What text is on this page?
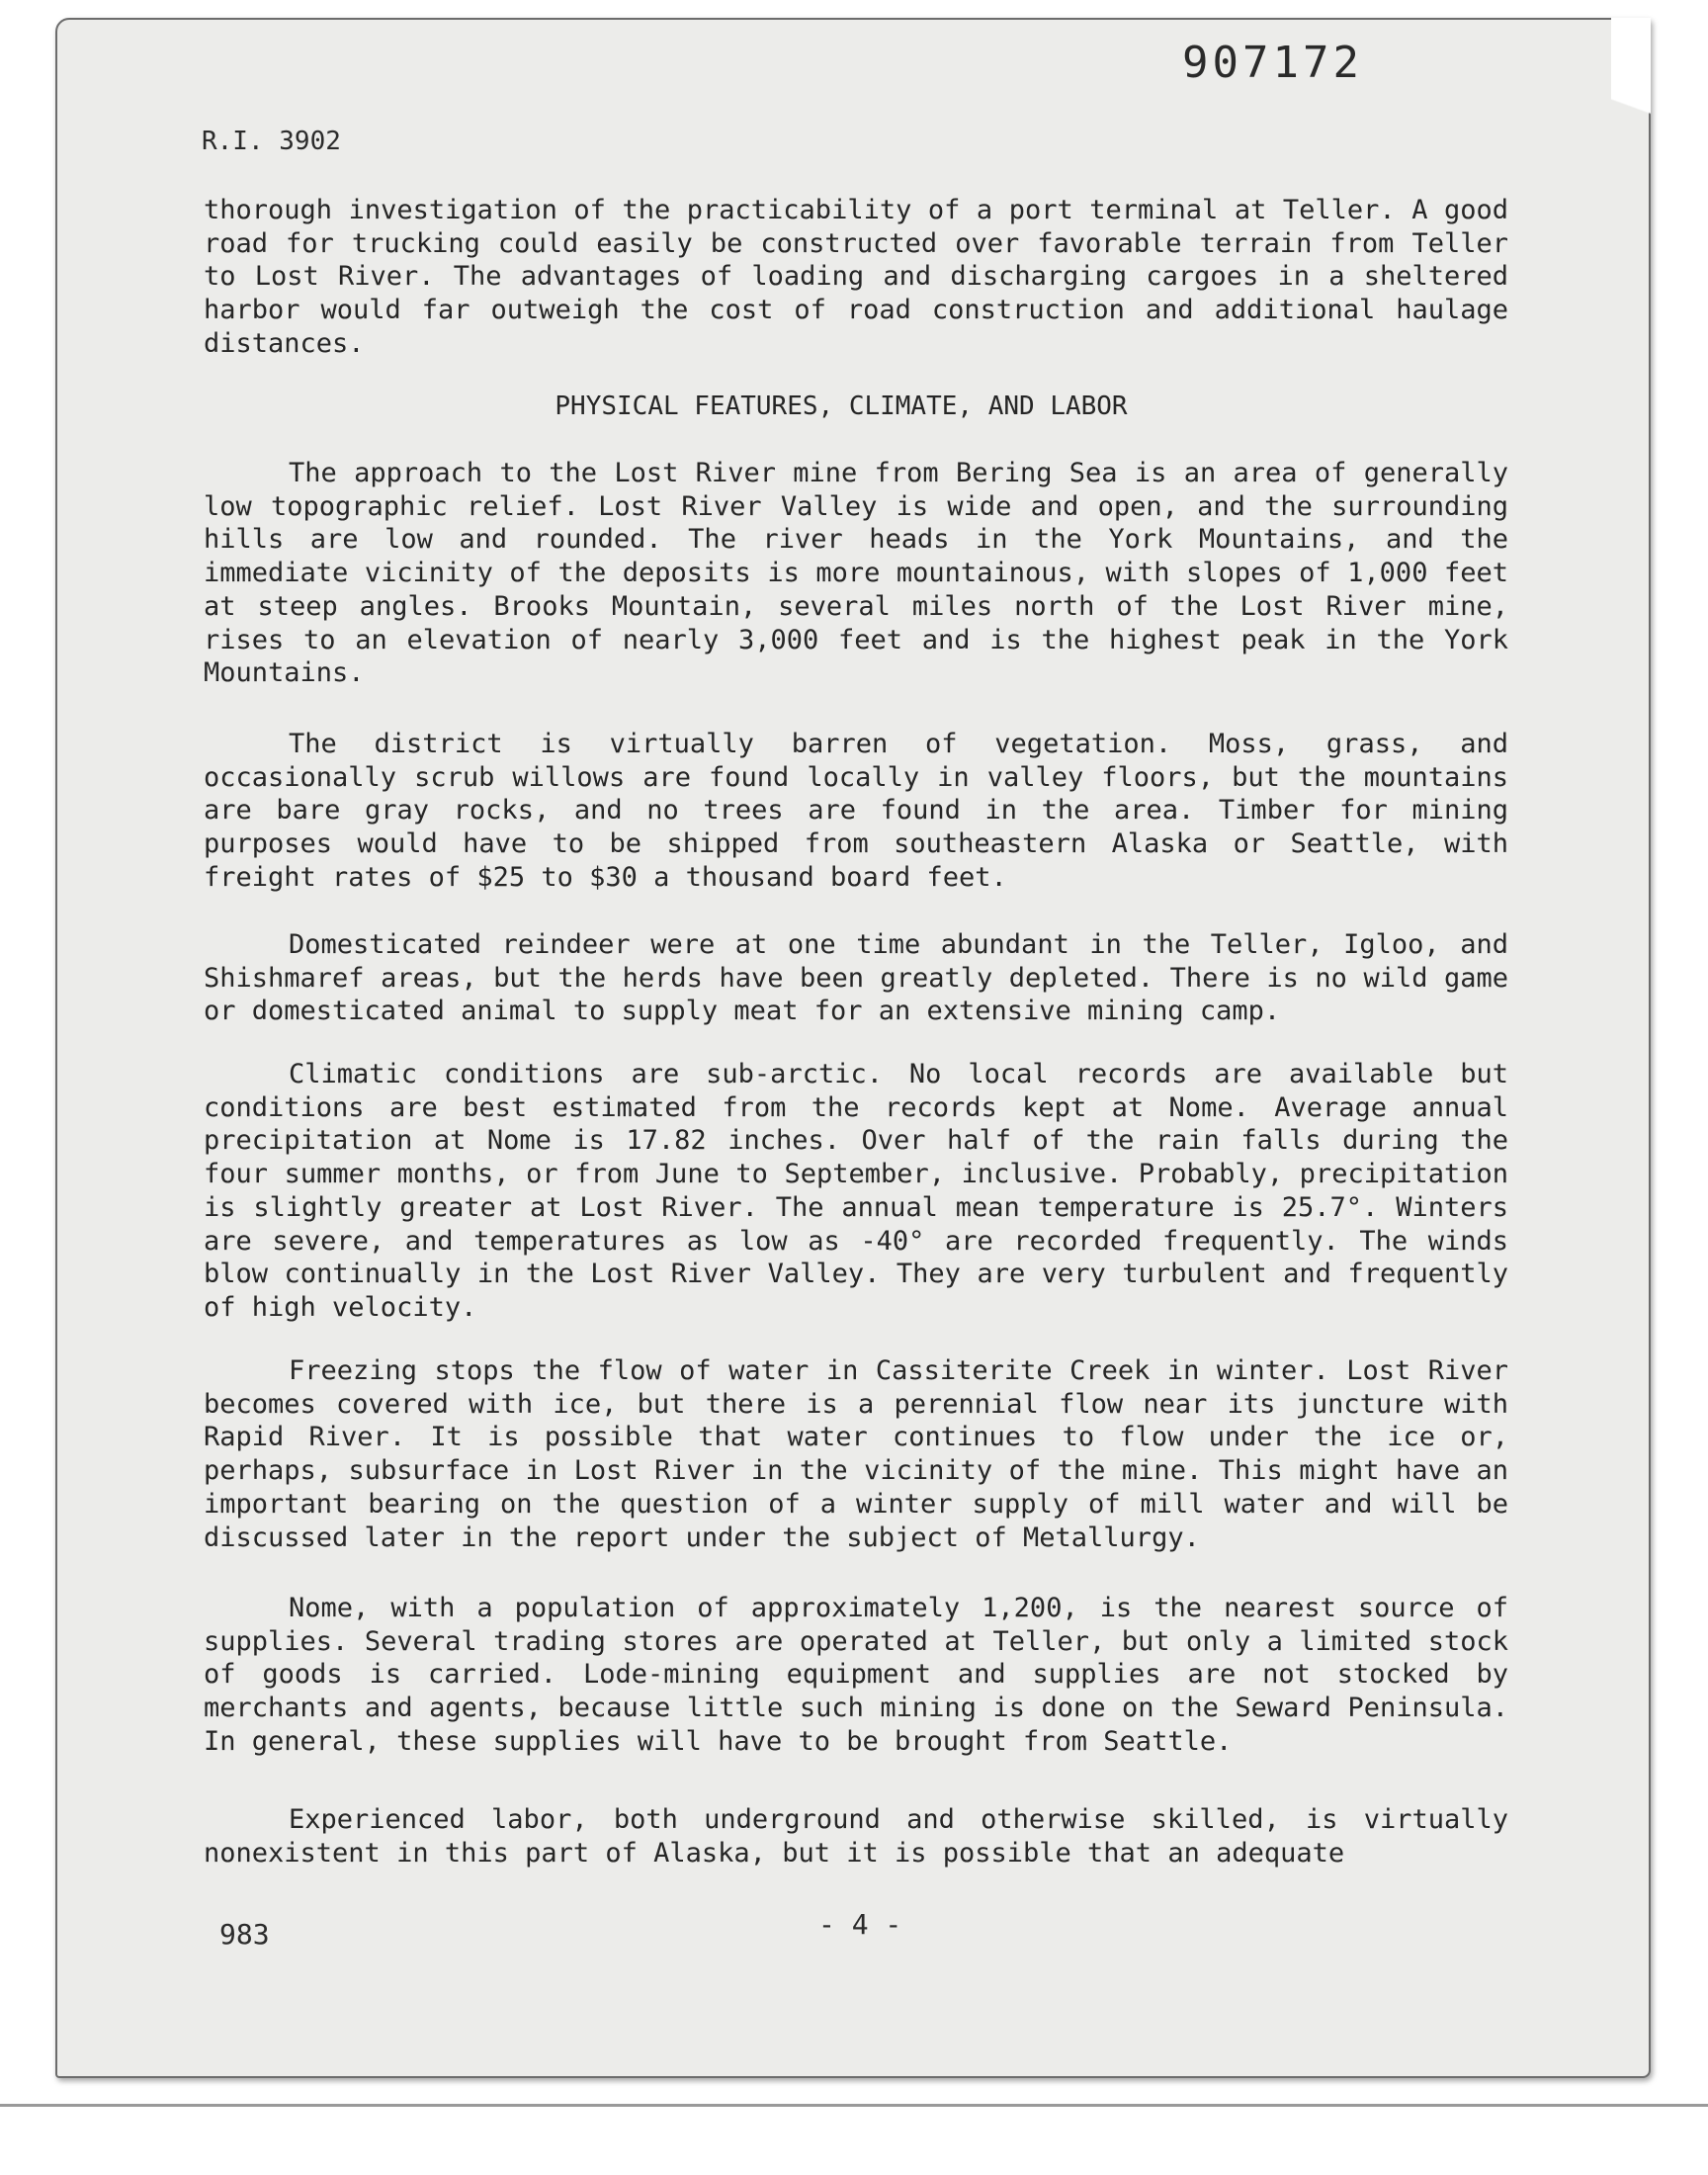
907172
R.I. 3902

thorough investigation of the practicability of a port terminal at Teller. A good road for trucking could easily be constructed over favorable terrain from Teller to Lost River. The advantages of loading and discharging cargoes in a sheltered harbor would far outweigh the cost of road construction and additional haulage distances.

PHYSICAL FEATURES, CLIMATE, AND LABOR

The approach to the Lost River mine from Bering Sea is an area of generally low topographic relief. Lost River Valley is wide and open, and the surrounding hills are low and rounded. The river heads in the York Mountains, and the immediate vicinity of the deposits is more mountainous, with slopes of 1,000 feet at steep angles. Brooks Mountain, several miles north of the Lost River mine, rises to an elevation of nearly 3,000 feet and is the highest peak in the York Mountains.

The district is virtually barren of vegetation. Moss, grass, and occasionally scrub willows are found locally in valley floors, but the mountains are bare gray rocks, and no trees are found in the area. Timber for mining purposes would have to be shipped from southeastern Alaska or Seattle, with freight rates of $25 to $30 a thousand board feet.

Domesticated reindeer were at one time abundant in the Teller, Igloo, and Shishmaref areas, but the herds have been greatly depleted. There is no wild game or domesticated animal to supply meat for an extensive mining camp.

Climatic conditions are sub-arctic. No local records are available but conditions are best estimated from the records kept at Nome. Average annual precipitation at Nome is 17.82 inches. Over half of the rain falls during the four summer months, or from June to September, inclusive. Probably, precipitation is slightly greater at Lost River. The annual mean temperature is 25.7°. Winters are severe, and temperatures as low as -40° are recorded frequently. The winds blow continually in the Lost River Valley. They are very turbulent and frequently of high velocity.

Freezing stops the flow of water in Cassiterite Creek in winter. Lost River becomes covered with ice, but there is a perennial flow near its juncture with Rapid River. It is possible that water continues to flow under the ice or, perhaps, subsurface in Lost River in the vicinity of the mine. This might have an important bearing on the question of a winter supply of mill water and will be discussed later in the report under the subject of Metallurgy.

Nome, with a population of approximately 1,200, is the nearest source of supplies. Several trading stores are operated at Teller, but only a limited stock of goods is carried. Lode-mining equipment and supplies are not stocked by merchants and agents, because little such mining is done on the Seward Peninsula. In general, these supplies will have to be brought from Seattle.

Experienced labor, both underground and otherwise skilled, is virtually nonexistent in this part of Alaska, but it is possible that an adequate

983	- 4 -
